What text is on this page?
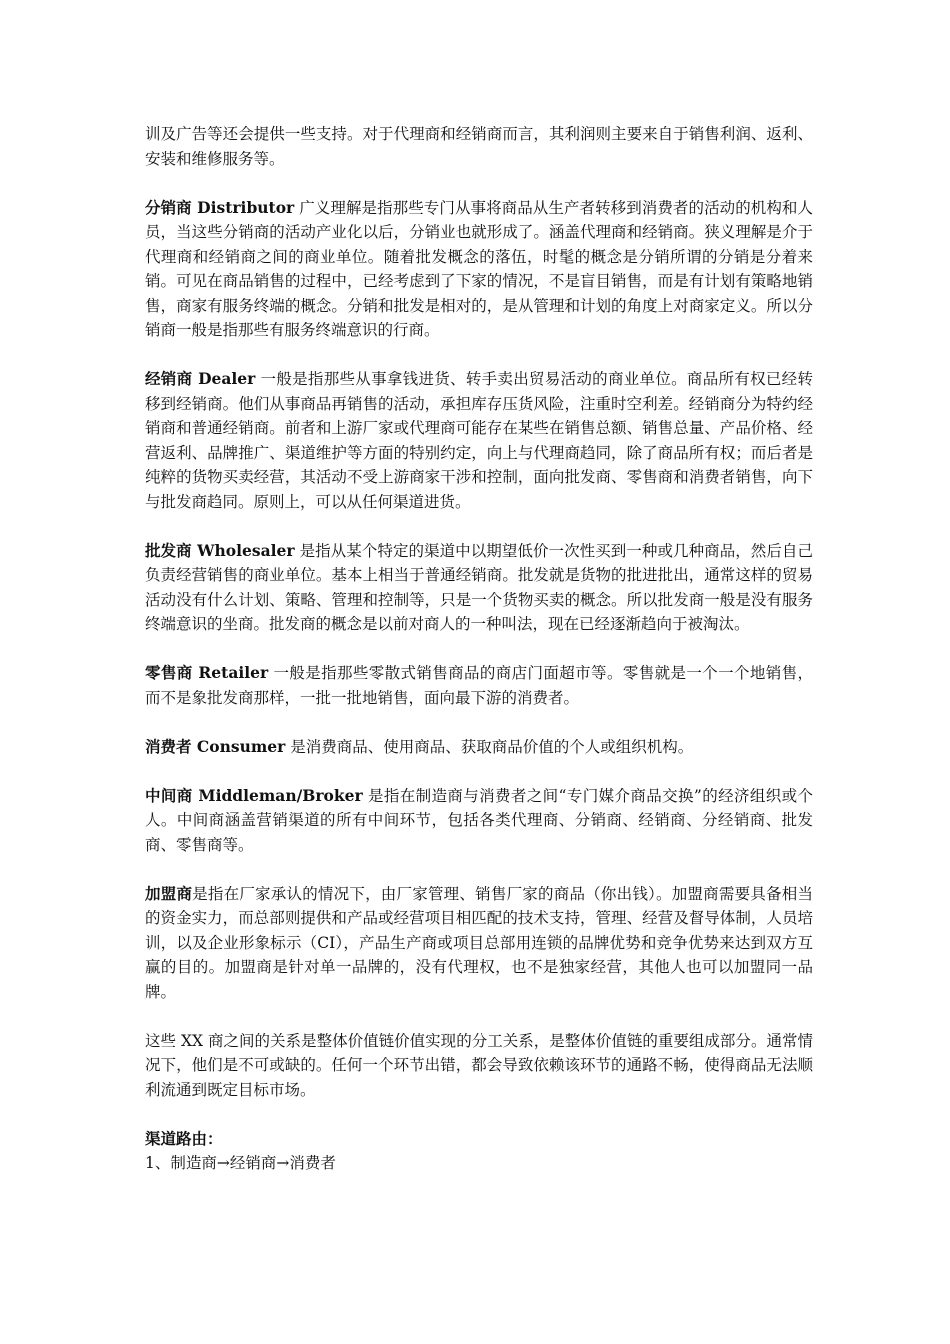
训及广告等还会提供一些支持。对于代理商和经销商而言，其利润则主要来自于销售利润、返利、安装和维修服务等。

分销商 Distributor 广义理解是指那些专门从事将商品从生产者转移到消费者的活动的机构和人员，当这些分销商的活动产业化以后，分销业也就形成了。涵盖代理商和经销商。狭义理解是介于代理商和经销商之间的商业单位。随着批发概念的落伍，时髦的概念是分销所谓的分销是分着来销。可见在商品销售的过程中，已经考虑到了下家的情况，不是盲目销售，而是有计划有策略地销售，商家有服务终端的概念。分销和批发是相对的，是从管理和计划的角度上对商家定义。所以分销商一般是指那些有服务终端意识的行商。

经销商 Dealer 一般是指那些从事拿钱进货、转手卖出贸易活动的商业单位。商品所有权已经转移到经销商。他们从事商品再销售的活动，承担库存压货风险，注重时空利差。经销商分为特约经销商和普通经销商。前者和上游厂家或代理商可能存在某些在销售总额、销售总量、产品价格、经营返利、品牌推广、渠道维护等方面的特别约定，向上与代理商趋同，除了商品所有权；而后者是纯粹的货物买卖经营，其活动不受上游商家干涉和控制，面向批发商、零售商和消费者销售，向下与批发商趋同。原则上，可以从任何渠道进货。

批发商 Wholesaler 是指从某个特定的渠道中以期望低价一次性买到一种或几种商品，然后自己负责经营销售的商业单位。基本上相当于普通经销商。批发就是货物的批进批出，通常这样的贸易活动没有什么计划、策略、管理和控制等，只是一个货物买卖的概念。所以批发商一般是没有服务终端意识的坐商。批发商的概念是以前对商人的一种叫法，现在已经逐渐趋向于被淘汰。

零售商 Retailer 一般是指那些零散式销售商品的商店门面超市等。零售就是一个一个地销售，而不是象批发商那样，一批一批地销售，面向最下游的消费者。

消费者 Consumer 是消费商品、使用商品、获取商品价值的个人或组织机构。

中间商 Middleman/Broker 是指在制造商与消费者之间“专门媒介商品交换”的经济组织或个人。中间商涵盖营销渠道的所有中间环节，包括各类代理商、分销商、经销商、分经销商、批发商、零售商等。

加盟商是指在厂家承认的情况下，由厂家管理、销售厂家的商品（你出钱）。加盟商需要具备相当的资金实力，而总部则提供和产品或经营项目相匹配的技术支持，管理、经营及督导体制，人员培训，以及企业形象标示（CI），产品生产商或项目总部用连锁的品牌优势和竞争优势来达到双方互赢的目的。加盟商是针对单一品牌的，没有代理权，也不是独家经营，其他人也可以加盟同一品牌。

这些 XX 商之间的关系是整体价值链价值实现的分工关系，是整体价值链的重要组成部分。通常情况下，他们是不可或缺的。任何一个环节出错，都会导致依赖该环节的通路不畅，使得商品无法顺利流通到既定目标市场。

渠道路由：

1、制造商→经销商→消费者
